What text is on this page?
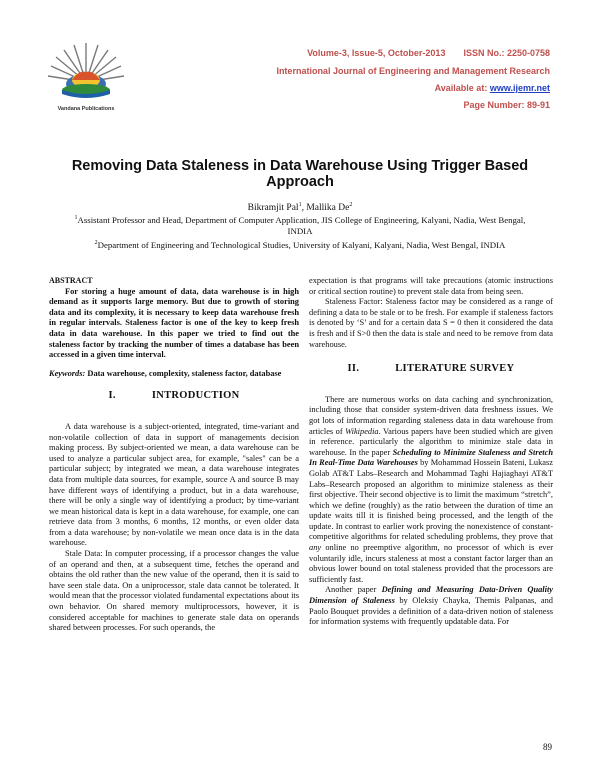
Vandana Publications
Volume-3, Issue-5, October-2013 ISSN No.: 2250-0758
International Journal of Engineering and Management Research
Available at: www.ijemr.net
Page Number: 89-91
Removing Data Staleness in Data Warehouse Using Trigger Based Approach
Bikramjit Pal$^1$, Mallika De$^2$
$^1$Assistant Professor and Head, Department of Computer Application, JIS College of Engineering, Kalyani, Nadia, West Bengal, INDIA
$^2$Department of Engineering and Technological Studies, University of Kalyani, Kalyani, Nadia, West Bengal, INDIA
ABSTRACT

For storing a huge amount of data, data warehouse is in high demand as it supports large memory. But due to growth of storing data and its complexity, it is necessary to keep data warehouse fresh in regular intervals. Staleness factor is one of the key to keep fresh data in data warehouse. In this paper we tried to find out the staleness factor by tracking the number of times a database has been accessed in a given time interval.

Keywords: Data warehouse, complexity, staleness factor, database

I.	INTRODUCTION

A data warehouse is a subject-oriented, integrated, time-variant and non-volatile collection of data in support of managements decision making process. By subject-oriented we mean, a data warehouse can be used to analyze a particular subject area, for example, "sales" can be a particular subject; by integrated we mean, a data warehouse integrates data from multiple data sources, for example, source A and source B may have different ways of identifying a product, but in a data warehouse, there will be only a single way of identifying a product; by time-variant we mean historical data is kept in a data warehouse, for example, one can retrieve data from 3 months, 6 months, 12 months, or even older data from a data warehouse; by non-volatile we mean once data is in the data warehouse.

Stale Data: In computer processing, if a processor changes the value of an operand and then, at a subsequent time, fetches the operand and obtains the old rather than the new value of the operand, then it is said to have seen stale data. On a uniprocessor, stale data cannot be tolerated. It would mean that the processor violated fundamental expectations about its own behavior. On shared memory multiprocessors, however, it is considered acceptable for machines to generate stale data on operands shared between processes. For such operands, the

expectation is that programs will take precautions (atomic instructions or critical section routine) to prevent stale data from being seen.

Staleness Factor: Staleness factor may be considered as a range of defining a data to be stale or to be fresh. For example if staleness factors is denoted by ‘S’ and for a certain data S = 0 then it considered the data is fresh and if S>0 then the data is stale and need to be remove from data warehouse.

II.	LITERATURE SURVEY

There are numerous works on data caching and synchronization, including those that consider system-driven data freshness issues. We got lots of information regarding staleness data in data warehouse from articles of Wikipedia. Various papers have been studied which are given in reference. particularly the algorithm to minimize stale data in warehouse. In the paper Scheduling to Minimize Staleness and Stretch In Real-Time Data Warehouses by Mohammad Hossein Bateni, Lukasz Golab AT&T Labs–Research and Mohammad Taghi Hajiaghayi AT&T Labs–Research proposed an algorithm to minimize staleness as their first objective. Their second objective is to limit the maximum “stretch”, which we define (roughly) as the ratio between the duration of time an update waits till it is finished being processed, and the length of the update. In contrast to earlier work proving the nonexistence of constant-competitive algorithms for related scheduling problems, they prove that any online no preemptive algorithm, no processor of which is ever voluntarily idle, incurs staleness at most a constant factor larger than an obvious lower bound on total staleness provided that the processors are sufficiently fast.

Another paper Defining and Measuring Data-Driven Quality Dimension of Staleness by Oleksiy Chayka, Themis Palpanas, and Paolo Bouquet provides a definition of a data-driven notion of staleness for information systems with frequently updatable data. For

89
